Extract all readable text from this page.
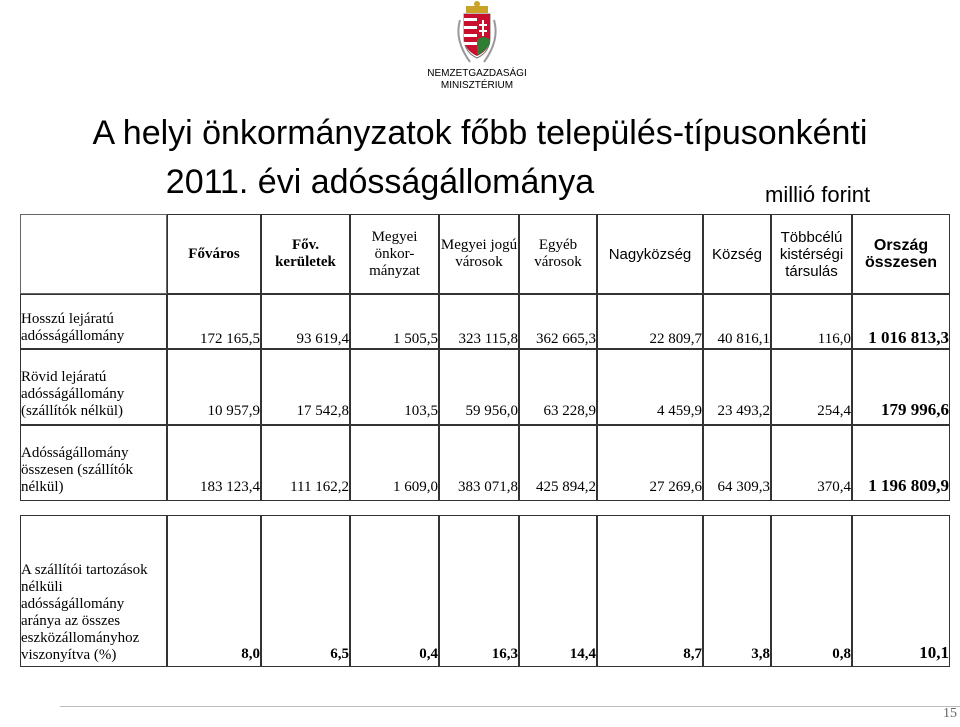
NEMZETGAZDASÁGI
MINISZTÉRIUM
A helyi önkormányzatok főbb település-típusonkénti
2011. évi adósságállománya	millió forint
	Főváros	Főv. kerületek	Megyei önkor-mányzat	Megyei jogú városok	Egyéb városok	Nagyközség	Község	Többcélú kistérségi társulás	Ország összesen
Hosszú lejáratú adósságállomány	172 165,5	93 619,4	1 505,5	323 115,8	362 665,3	22 809,7	40 816,1	116,0	1 016 813,3
Rövid lejáratú adósságállomány (szállítók nélkül)	10 957,9	17 542,8	103,5	59 956,0	63 228,9	4 459,9	23 493,2	254,4	179 996,6
Adósságállomány összesen (szállítók nélkül)	183 123,4	111 162,2	1 609,0	383 071,8	425 894,2	27 269,6	64 309,3	370,4	1 196 809,9
A szállítói tartozások nélküli adósságállomány aránya az összes eszközállományhoz viszonyítva (%)	8,0	6,5	0,4	16,3	14,4	8,7	3,8	0,8	10,1
15
